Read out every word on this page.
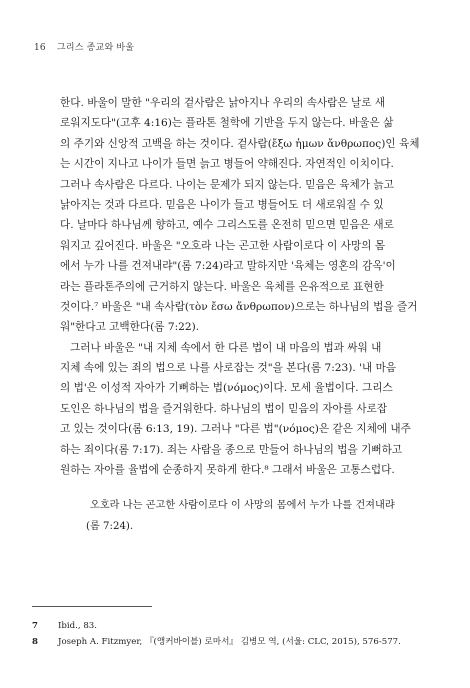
16 그리스 종교와 바울
한다. 바울이 말한 "우리의 겉사람은 낡아지나 우리의 속사람은 날로 새
로워지도다"(고후 4:16)는 플라톤 철학에 기반을 두지 않는다. 바울은 삶
의 주기와 신앙적 고백을 하는 것이다. 겉사람(ἔξω ἡμων ἄνθρωπος)인 육체
는 시간이 지나고 나이가 들면 늙고 병들어 약해진다. 자연적인 이치이다.
그러나 속사람은 다르다. 나이는 문제가 되지 않는다. 믿음은 육체가 늙고
낡아지는 것과 다르다. 믿음은 나이가 들고 병들어도 더 새로워질 수 있
다. 날마다 하나님께 향하고, 예수 그리스도를 온전히 믿으면 믿음은 새로
워지고 깊어진다. 바울은 "오호라 나는 곤고한 사람이로다 이 사망의 몸
에서 누가 나를 건져내랴"(롬 7:24)라고 말하지만 '육체는 영혼의 감옥'이
라는 플라톤주의에 근거하지 않는다. 바울은 육체를 은유적으로 표현한
것이다.⁷ 바울은 "내 속사람(τὸν ἔσω ἄνθρωπον)으로는 하나님의 법을 즐거
워"한다고 고백한다(롬 7:22).
그러나 바울은 "내 지체 속에서 한 다른 법이 내 마음의 법과 싸워 내
지체 속에 있는 죄의 법으로 나를 사로잡는 것"을 본다(롬 7:23). '내 마음
의 법'은 이성적 자아가 기뻐하는 법(νόμος)이다. 모세 율법이다. 그리스
도인은 하나님의 법을 즐거워한다. 하나님의 법이 믿음의 자아를 사로잡
고 있는 것이다(롬 6:13, 19). 그러나 "다른 법"(νόμος)은 같은 지체에 내주
하는 죄이다(롬 7:17). 죄는 사람을 종으로 만들어 하나님의 법을 기뻐하고
원하는 자아를 율법에 순종하지 못하게 한다.⁸ 그래서 바울은 고통스럽다.
오호라 나는 곤고한 사람이로다 이 사망의 몸에서 누가 나를 건져내랴
(롬 7:24).
7 Ibid., 83.
8 Joseph A. Fitzmyer, 『(앵커바이블) 로마서』 김병모 역, (서울: CLC, 2015), 576-577.
